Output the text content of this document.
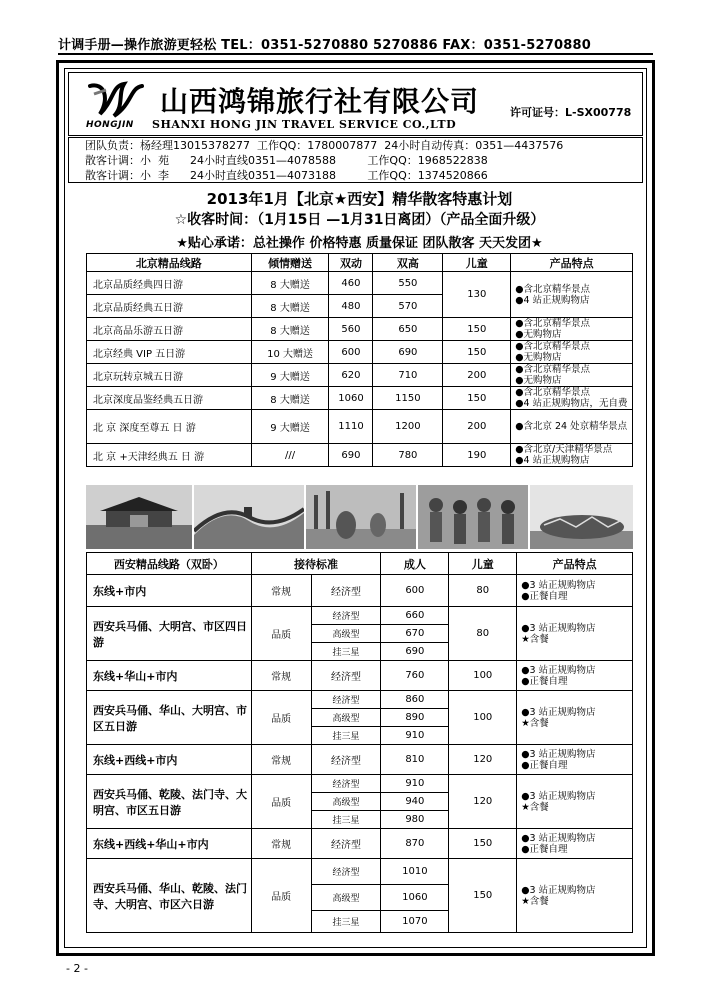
计调手册—操作旅游更轻松 TEL：0351-5270880 5270886 FAX：0351-5270880
HONGJIN
山西鸿锦旅行社有限公司
SHANXI HONG JIN TRAVEL SERVICE CO.,LTD
许可证号：L-SX00778
团队负责：杨经理13015378277  工作QQ：1780007877  24小时自动传真：0351—4437576
散客计调：小  苑      24小时直线0351—4078588         工作QQ：1968522838
散客计调：小  李      24小时直线0351—4073188         工作QQ：1374520866
2013年1月【北京★西安】精华散客特惠计划
☆收客时间：（1月15日 —1月31日离团）（产品全面升级）
★贴心承诺：总社操作 价格特惠 质量保证 团队散客 天天发团★
北京精品线路	倾情赠送	双动	双高	儿童	产品特点
北京品质经典四日游	8 大赠送	460	550	130	●含北京精华景点
●4 站正规购物店

北京品质经典五日游	8 大赠送	480	570		
北京高品乐游五日游	8 大赠送	560	650	150	●含北京精华景点
●无购物店

北京经典 VIP 五日游	10 大赠送	600	690	150	●含北京精华景点
●无购物店

北京玩转京城五日游	9 大赠送	620	710	200	●含北京精华景点
●无购物店

北京深度品鉴经典五日游	8 大赠送	1060	1150	150	●含北京精华景点
●4 站正规购物店，无自费

北 京 深度至尊五 日 游	9 大赠送	1110	1200	200	●含北京 24 处京精华景点

北 京 +天津经典五 日 游	///	690	780	190	●含北京/天津精华景点
●4 站正规购物店
西安精品线路（双卧）	接待标准		成人	儿童	产品特点
东线+市内	常规	经济型	600	80	●3 站正规购物店
●正餐自理

西安兵马俑、大明宫、市区四日游	品质	经济型	660	80	●3 站正规购物店
★含餐

		高级型	670		
		挂三星	690		
东线+华山+市内	常规	经济型	760	100	●3 站正规购物店
●正餐自理

西安兵马俑、华山、大明宫、市区五日游	品质	经济型	860	100	●3 站正规购物店
★含餐

		高级型	890		
		挂三星	910		
东线+西线+市内	常规	经济型	810	120	●3 站正规购物店
●正餐自理

西安兵马俑、乾陵、法门寺、大明宫、市区五日游	品质	经济型	910	120	●3 站正规购物店
★含餐

		高级型	940		
		挂三星	980		
东线+西线+华山+市内	常规	经济型	870	150	●3 站正规购物店
●正餐自理

西安兵马俑、华山、乾陵、法门寺、大明宫、市区六日游	品质	经济型	1010	150	●3 站正规购物店
★含餐

		高级型	1060		
		挂三星	1070		
- 2 -
